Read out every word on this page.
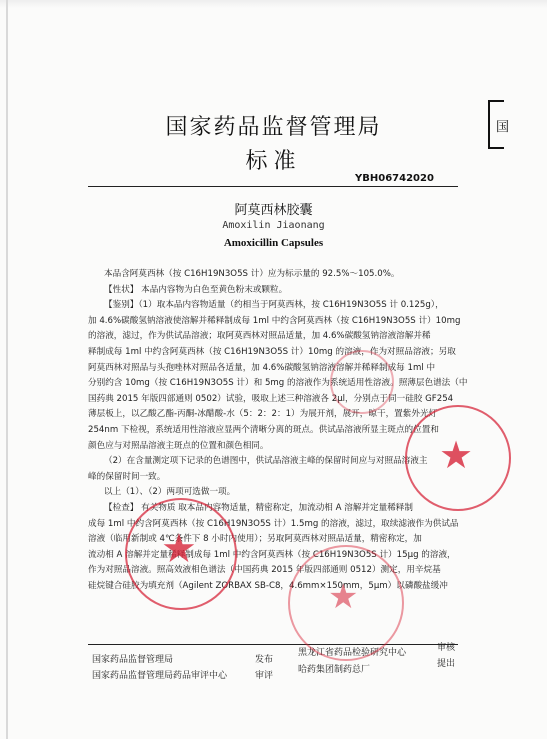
国
国家药品监督管理局
标准
YBH06742020
阿莫西林胶囊
Amoxilin Jiaonang
Amoxicillin Capsules

本品含阿莫西林（按 C16H19N3O5S 计）应为标示量的 92.5%～105.0%。

【性状】 本品内容物为白色至黄色粉末或颗粒。

【鉴别】（1）取本品内容物适量（约相当于阿莫西林，按 C16H19N3O5S 计 0.125g），

加 4.6%碳酸氢钠溶液使溶解并稀释制成每 1ml 中约含阿莫西林（按 C16H19N3O5S 计）10mg

的溶液，滤过，作为供试品溶液；取阿莫西林对照品适量，加 4.6%碳酸氢钠溶液溶解并稀

释制成每 1ml 中约含阿莫西林（按 C16H19N3O5S 计）10mg 的溶液，作为对照品溶液；另取

阿莫西林对照品与头孢唑林对照品各适量，加 4.6%碳酸氢钠溶液溶解并稀释制成每 1ml 中

分别约含 10mg（按 C16H19N3O5S 计）和 5mg 的溶液作为系统适用性溶液。照薄层色谱法（中

国药典 2015 年版四部通则 0502）试验，吸取上述三种溶液各 2μl，分别点于同一硅胶 GF254

薄层板上，以乙酸乙酯-丙酮-冰醋酸-水（5：2：2：1）为展开剂，展开，晾干，置紫外光灯

254nm 下检视，系统适用性溶液应显两个清晰分离的斑点。供试品溶液所显主斑点的位置和

颜色应与对照品溶液主斑点的位置和颜色相同。

（2）在含量测定项下记录的色谱图中，供试品溶液主峰的保留时间应与对照品溶液主

峰的保留时间一致。

以上（1）、（2）两项可选做一项。

【检查】 有关物质 取本品内容物适量，精密称定，加流动相 A 溶解并定量稀释制

成每 1ml 中约含阿莫西林（按 C16H19N3O5S 计）1.5mg 的溶液，滤过，取续滤液作为供试品

溶液（临用新制或 4℃条件下 8 小时内使用）；另取阿莫西林对照品适量，精密称定，加

流动相 A 溶解并定量稀释制成每 1ml 中约含阿莫西林（按 C16H19N3O5S 计）15μg 的溶液，

作为对照品溶液。照高效液相色谱法（中国药典 2015 年版四部通则 0512）测定，用辛烷基

硅烷键合硅胶为填充剂（Agilent ZORBAX SB-C8，4.6mm×150mm，5μm）以磷酸盐缓冲

国家药品监督管理局
国家药品监督管理局药品审评中心
发布
审评
黑龙江省药品检验研究中心
哈药集团制药总厂
审核
提出
★
★
★
